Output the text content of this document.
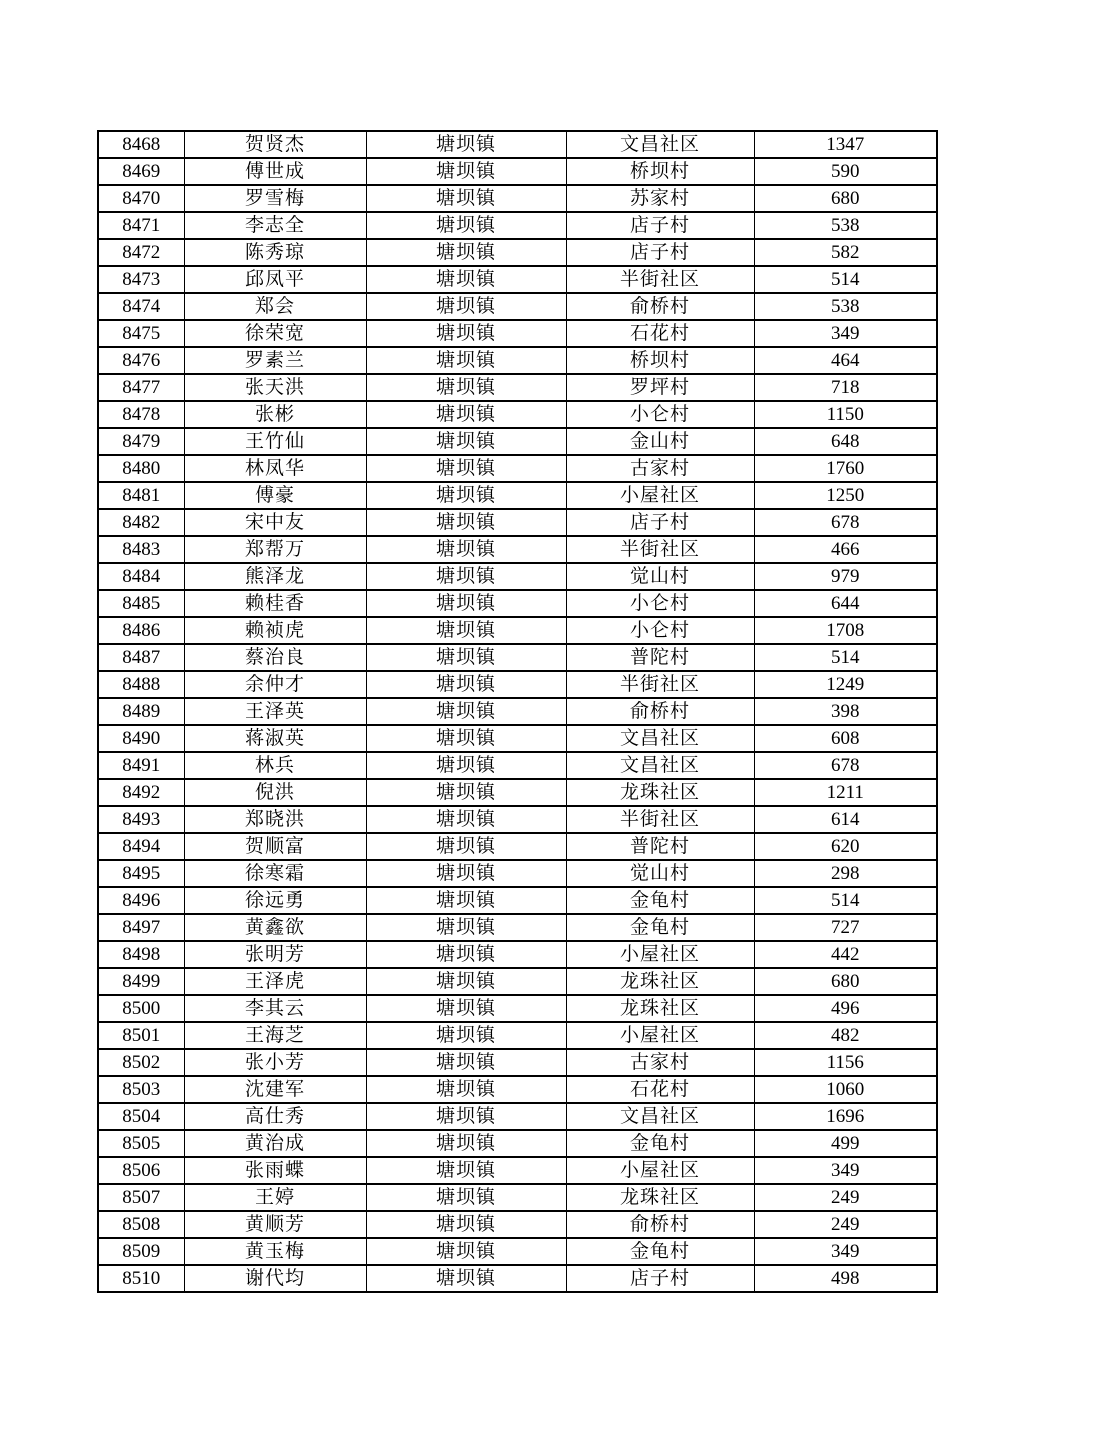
8468	贺贤杰	塘坝镇	文昌社区	1347
8469	傅世成	塘坝镇	桥坝村	590
8470	罗雪梅	塘坝镇	苏家村	680
8471	李志全	塘坝镇	店子村	538
8472	陈秀琼	塘坝镇	店子村	582
8473	邱凤平	塘坝镇	半街社区	514
8474	郑会	塘坝镇	俞桥村	538
8475	徐荣宽	塘坝镇	石花村	349
8476	罗素兰	塘坝镇	桥坝村	464
8477	张天洪	塘坝镇	罗坪村	718
8478	张彬	塘坝镇	小仑村	1150
8479	王竹仙	塘坝镇	金山村	648
8480	林凤华	塘坝镇	古家村	1760
8481	傅豪	塘坝镇	小屋社区	1250
8482	宋中友	塘坝镇	店子村	678
8483	郑帮万	塘坝镇	半街社区	466
8484	熊泽龙	塘坝镇	觉山村	979
8485	赖桂香	塘坝镇	小仑村	644
8486	赖祯虎	塘坝镇	小仑村	1708
8487	蔡治良	塘坝镇	普陀村	514
8488	余仲才	塘坝镇	半街社区	1249
8489	王泽英	塘坝镇	俞桥村	398
8490	蒋淑英	塘坝镇	文昌社区	608
8491	林兵	塘坝镇	文昌社区	678
8492	倪洪	塘坝镇	龙珠社区	1211
8493	郑晓洪	塘坝镇	半街社区	614
8494	贺顺富	塘坝镇	普陀村	620
8495	徐寒霜	塘坝镇	觉山村	298
8496	徐远勇	塘坝镇	金龟村	514
8497	黄鑫欲	塘坝镇	金龟村	727
8498	张明芳	塘坝镇	小屋社区	442
8499	王泽虎	塘坝镇	龙珠社区	680
8500	李其云	塘坝镇	龙珠社区	496
8501	王海芝	塘坝镇	小屋社区	482
8502	张小芳	塘坝镇	古家村	1156
8503	沈建军	塘坝镇	石花村	1060
8504	高仕秀	塘坝镇	文昌社区	1696
8505	黄治成	塘坝镇	金龟村	499
8506	张雨蝶	塘坝镇	小屋社区	349
8507	王婷	塘坝镇	龙珠社区	249
8508	黄顺芳	塘坝镇	俞桥村	249
8509	黄玉梅	塘坝镇	金龟村	349
8510	谢代均	塘坝镇	店子村	498
